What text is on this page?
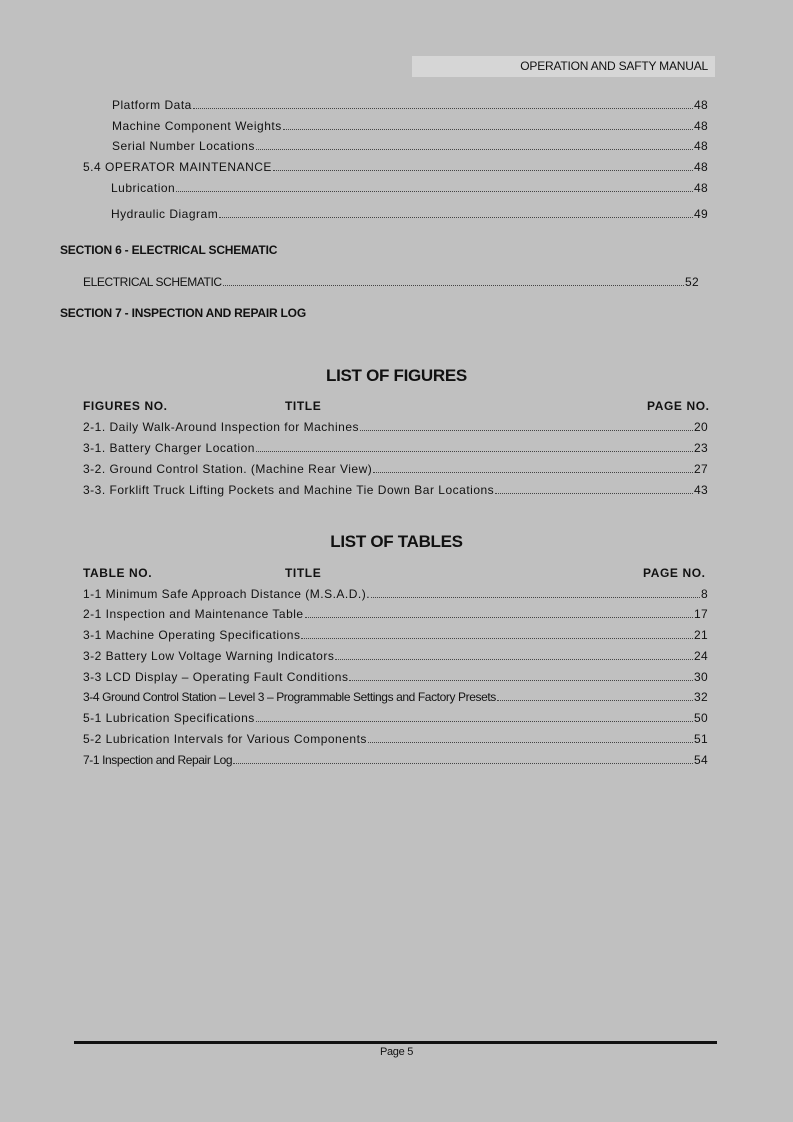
OPERATION AND SAFTY MANUAL
Platform Data	48
Machine Component Weights	48
Serial Number Locations	48
5.4 OPERATOR MAINTENANCE	48
Lubrication	48
Hydraulic Diagram	49
SECTION 6 - ELECTRICAL SCHEMATIC
ELECTRICAL SCHEMATIC	52
SECTION 7 - INSPECTION AND REPAIR LOG
LIST OF FIGURES
FIGURES NO.	TITLE	PAGE NO.
2-1. Daily Walk-Around Inspection for Machines	20
3-1. Battery Charger Location	23
3-2. Ground Control Station. (Machine Rear View)	27
3-3. Forklift Truck Lifting Pockets and Machine Tie Down Bar Locations	43
LIST OF TABLES
TABLE NO.	TITLE	PAGE NO.
1-1 Minimum Safe Approach Distance (M.S.A.D.).	8
2-1 Inspection and Maintenance Table	17
3-1 Machine Operating Specifications	21
3-2 Battery Low Voltage Warning Indicators	24
3-3 LCD Display – Operating Fault Conditions	30
3-4 Ground Control Station – Level 3 – Programmable Settings and Factory Presets	32
5-1 Lubrication Specifications	50
5-2 Lubrication Intervals for Various Components	51
7-1 Inspection and Repair Log	54
Page 5
